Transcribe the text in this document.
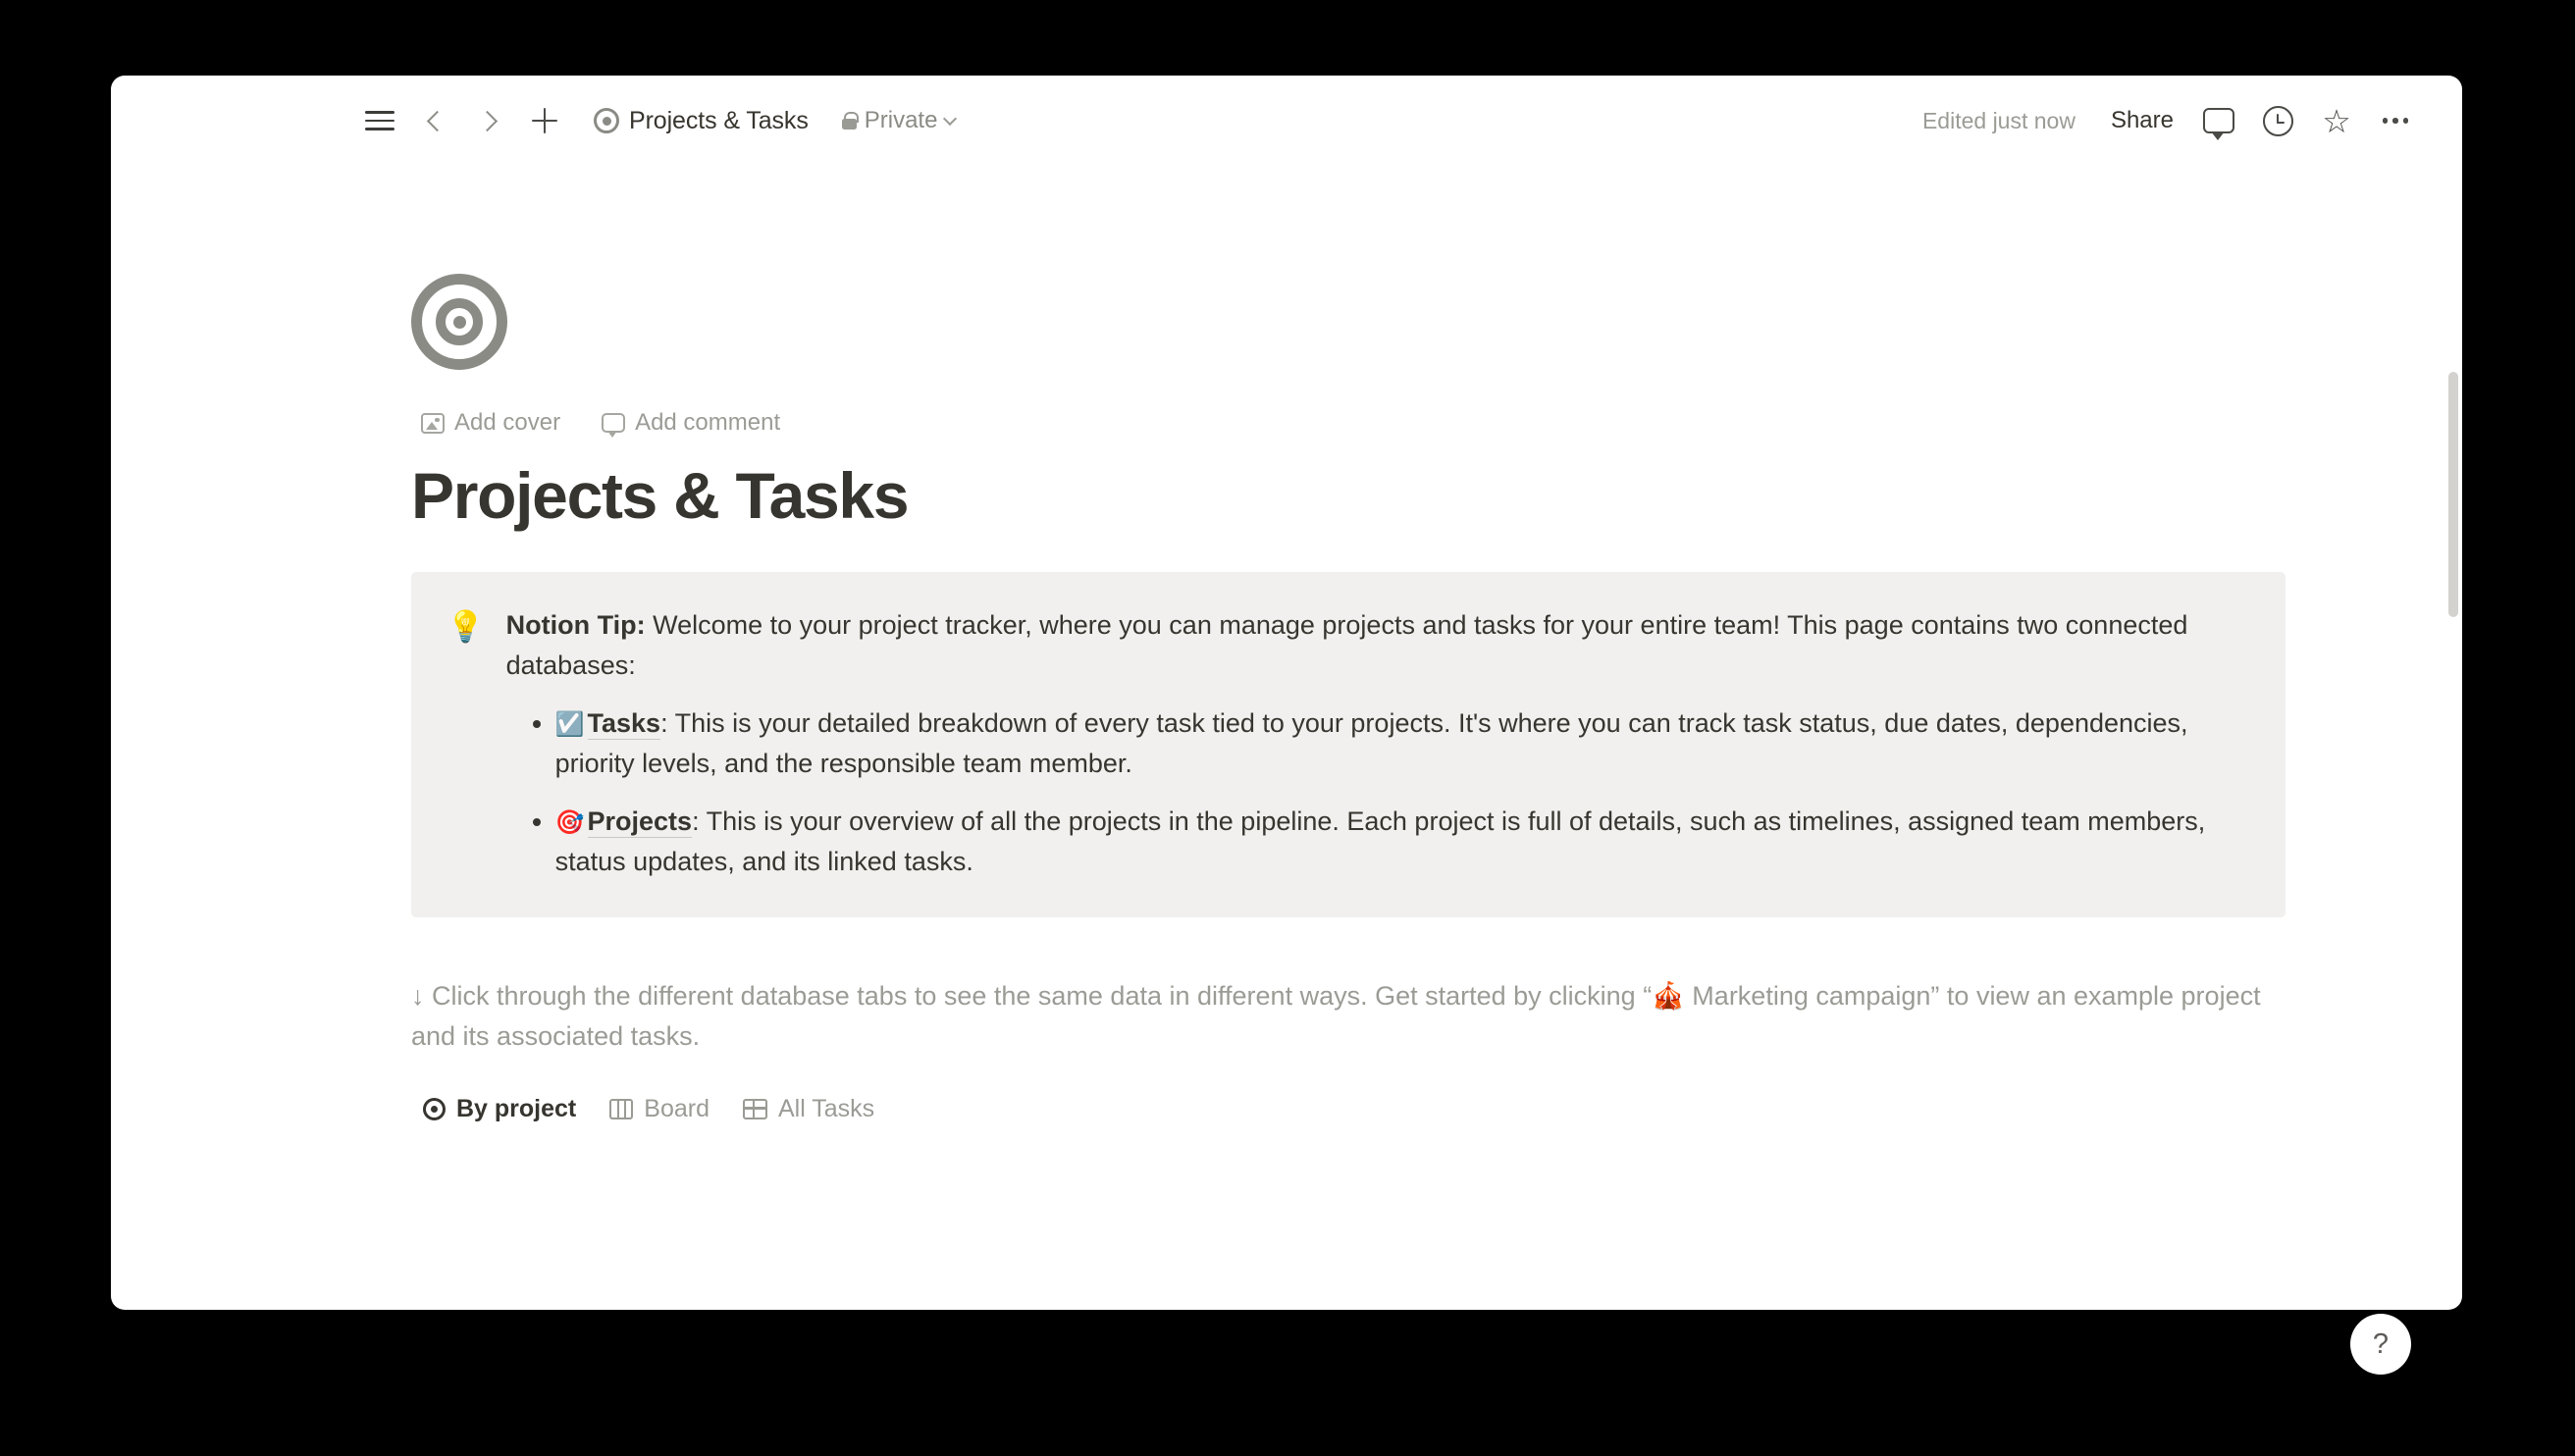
Projects & Tasks Private	Edited just now	Share	☆
Add cover	Add comment
Projects & Tasks
💡 Notion Tip: Welcome to your project tracker, where you can manage projects and tasks for your entire team! This page contains two connected databases:

• ☑️ Tasks: This is your detailed breakdown of every task tied to your projects. It's where you can track task status, due dates, dependencies, priority levels, and the responsible team member.
• 🎯 Projects: This is your overview of all the projects in the pipeline. Each project is full of details, such as timelines, assigned team members, status updates, and its linked tasks.
↓ Click through the different database tabs to see the same data in different ways. Get started by clicking “🎪 Marketing campaign” to view an example project and its associated tasks.
By project	Board	All Tasks
?
